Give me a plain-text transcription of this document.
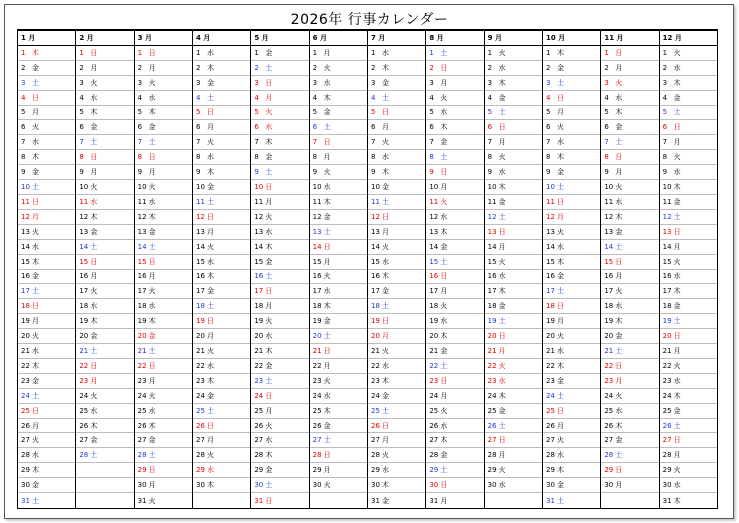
2026年 行事カレンダー
1 月
1 木
2 金
3 土
4 日
5 月
6 火
7 水
8 木
9 金
10 土
11 日
12 月
13 火
14 水
15 木
16 金
17 土
18 日
19 月
20 火
21 水
22 木
23 金
24 土
25 日
26 月
27 火
28 水
29 木
30 金
31 土
2 月
1 日
2 月
3 火
4 水
5 木
6 金
7 土
8 日
9 月
10 火
11 水
12 木
13 金
14 土
15 日
16 月
17 火
18 水
19 木
20 金
21 土
22 日
23 月
24 火
25 水
26 木
27 金
28 土
3 月
1 日
2 月
3 火
4 水
5 木
6 金
7 土
8 日
9 月
10 火
11 水
12 木
13 金
14 土
15 日
16 月
17 火
18 水
19 木
20 金
21 土
22 日
23 月
24 火
25 水
26 木
27 金
28 土
29 日
30 月
31 火
4 月
1 水
2 木
3 金
4 土
5 日
6 月
7 火
8 水
9 木
10 金
11 土
12 日
13 月
14 火
15 水
16 木
17 金
18 土
19 日
20 月
21 火
22 水
23 木
24 金
25 土
26 日
27 月
28 火
29 水
30 木
5 月
1 金
2 土
3 日
4 月
5 火
6 水
7 木
8 金
9 土
10 日
11 月
12 火
13 水
14 木
15 金
16 土
17 日
18 月
19 火
20 水
21 木
22 金
23 土
24 日
25 月
26 火
27 水
28 木
29 金
30 土
31 日
6 月
1 月
2 火
3 水
4 木
5 金
6 土
7 日
8 月
9 火
10 水
11 木
12 金
13 土
14 日
15 月
16 火
17 水
18 木
19 金
20 土
21 日
22 月
23 火
24 水
25 木
26 金
27 土
28 日
29 月
30 火
7 月
1 水
2 木
3 金
4 土
5 日
6 月
7 火
8 水
9 木
10 金
11 土
12 日
13 月
14 火
15 水
16 木
17 金
18 土
19 日
20 月
21 火
22 水
23 木
24 金
25 土
26 日
27 月
28 火
29 水
30 木
31 金
8 月
1 土
2 日
3 月
4 火
5 水
6 木
7 金
8 土
9 日
10 月
11 火
12 水
13 木
14 金
15 土
16 日
17 月
18 火
19 水
20 木
21 金
22 土
23 日
24 月
25 火
26 水
27 木
28 金
29 土
30 日
31 月
9 月
1 火
2 水
3 木
4 金
5 土
6 日
7 月
8 火
9 水
10 木
11 金
12 土
13 日
14 月
15 火
16 水
17 木
18 金
19 土
20 日
21 月
22 火
23 水
24 木
25 金
26 土
27 日
28 月
29 火
30 水
10 月
1 木
2 金
3 土
4 日
5 月
6 火
7 水
8 木
9 金
10 土
11 日
12 月
13 火
14 水
15 木
16 金
17 土
18 日
19 月
20 火
21 水
22 木
23 金
24 土
25 日
26 月
27 火
28 水
29 木
30 金
31 土
11 月
1 日
2 月
3 火
4 水
5 木
6 金
7 土
8 日
9 月
10 火
11 水
12 木
13 金
14 土
15 日
16 月
17 火
18 水
19 木
20 金
21 土
22 日
23 月
24 火
25 水
26 木
27 金
28 土
29 日
30 月
12 月
1 火
2 水
3 木
4 金
5 土
6 日
7 月
8 火
9 水
10 木
11 金
12 土
13 日
14 月
15 火
16 水
17 木
18 金
19 土
20 日
21 月
22 火
23 水
24 木
25 金
26 土
27 日
28 月
29 火
30 水
31 木
